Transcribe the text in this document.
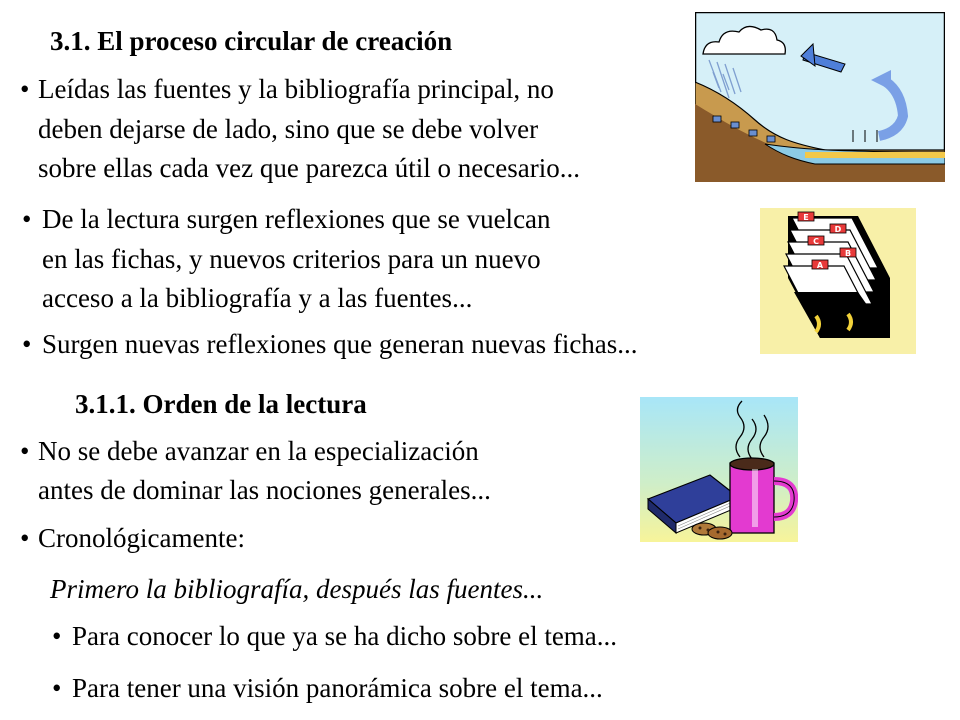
3.1. El proceso circular de creación
• Leídas las fuentes y la bibliografía principal, no
deben dejarse de lado, sino que se debe volver
sobre ellas cada vez que parezca útil o necesario...
• De la lectura surgen reflexiones que se vuelcan
en las fichas, y nuevos criterios para un nuevo
acceso a la bibliografía y a las fuentes...
• Surgen nuevas reflexiones que generan nuevas fichas...
3.1.1. Orden de la lectura
• No se debe avanzar en la especialización
antes de dominar las nociones generales...
• Cronológicamente:
Primero la bibliografía, después las fuentes...
• Para conocer lo que ya se ha dicho sobre el tema...
• Para tener una visión panorámica sobre el tema...
E
D
C
B
A
